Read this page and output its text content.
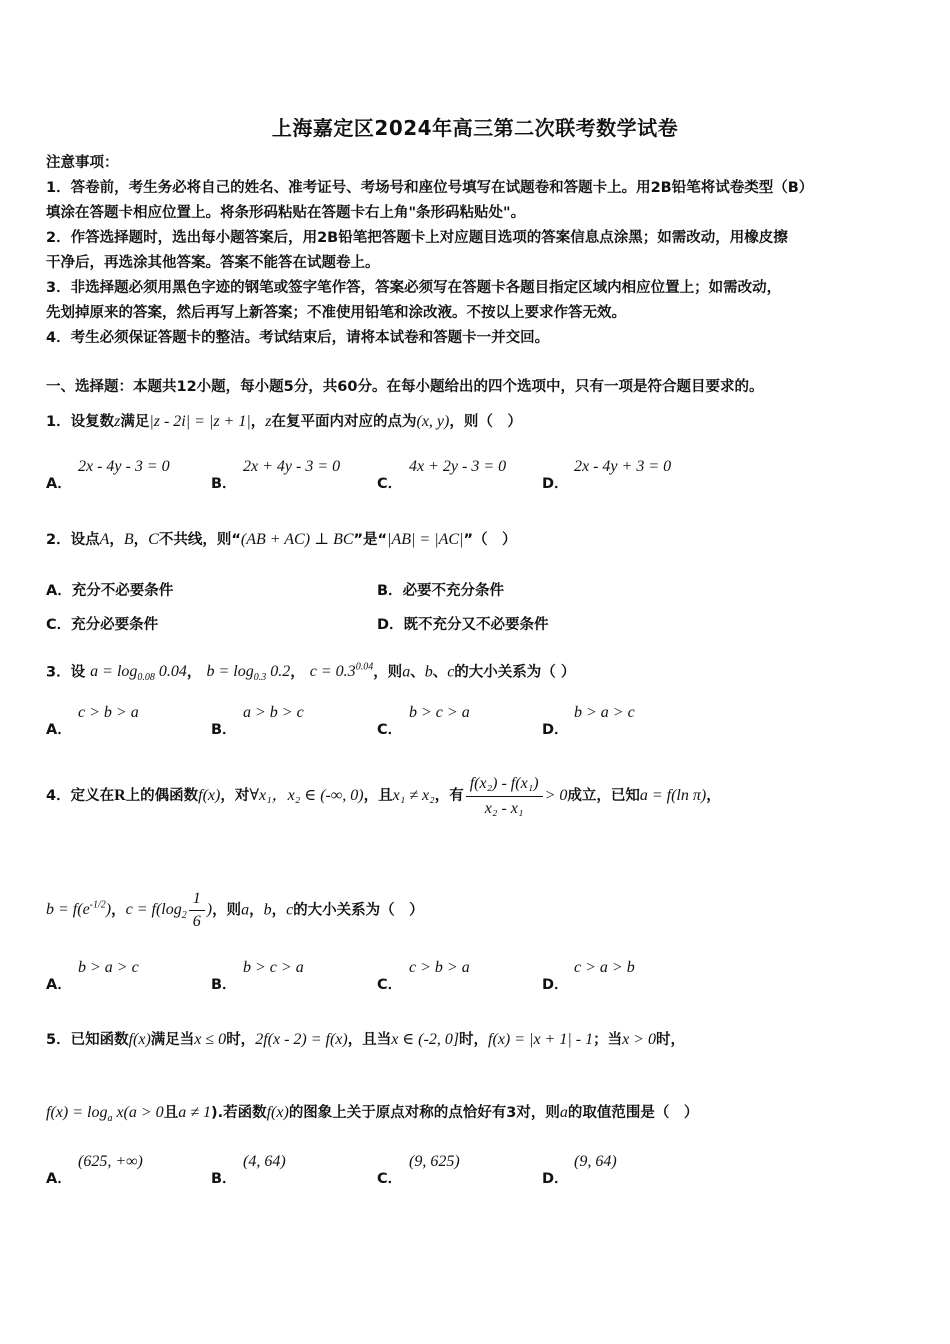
上海嘉定区2024年高三第二次联考数学试卷
注意事项：
1．答卷前，考生务必将自己的姓名、准考证号、考场号和座位号填写在试题卷和答题卡上。用2B铅笔将试卷类型（B）
填涂在答题卡相应位置上。将条形码粘贴在答题卡右上角"条形码粘贴处"。
2．作答选择题时，选出每小题答案后，用2B铅笔把答题卡上对应题目选项的答案信息点涂黑；如需改动，用橡皮擦
干净后，再选涂其他答案。答案不能答在试题卷上。
3．非选择题必须用黑色字迹的钢笔或签字笔作答，答案必须写在答题卡各题目指定区域内相应位置上；如需改动，
先划掉原来的答案，然后再写上新答案；不准使用铅笔和涂改液。不按以上要求作答无效。
4．考生必须保证答题卡的整洁。考试结束后，请将本试卷和答题卡一并交回。
一、选择题：本题共12小题，每小题5分，共60分。在每小题给出的四个选项中，只有一项是符合题目要求的。
1．设复数z满足|z - 2i| = |z + 1|，z在复平面内对应的点为(x, y)，则（　）
A．
2x - 4y - 3 = 0
B．
2x + 4y - 3 = 0
C．
4x + 2y - 3 = 0
D．
2x - 4y + 3 = 0
2．设点A，B，C不共线，则“(AB + AC) ⊥ BC”是“|AB| = |AC|”（　）
A．充分不必要条件	B．必要不充分条件
C．充分必要条件	D．既不充分又不必要条件
3．设 $a = \log_{0.08} 0.04$， $b = \log_{0.3} 0.2$， $c = 0.3^{0.04}$，则a、b、c的大小关系为（ ）
A．
c > b > a
B．
a > b > c
C．
b > c > a
D．
b > a > c
4．定义在R上的偶函数f(x)，对∀x₁，x₂ ∈ (-∞, 0)，且x₁ ≠ x₂，有 $\frac{\text{f(x₂) - f(x₁)}}{\text{x₂ - x₁}} > 0$成立，已知a = f(ln π)，
$b = f(e^{-1/2})$，$c = f(\log_2 \frac{1}{6}$ )，则a，b，c的大小关系为（　）
A．
b > a > c
B．
b > c > a
C．
c > b > a
D．
c > a > b
5．已知函数f(x)满足当x ≤ 0时，2f(x - 2) = f(x)，且当x ∈ (-2, 0]时，f(x) = |x + 1| - 1；当x > 0时，
$f(x) = \log_a x(a > 0$且a ≠ 1).若函数f(x)的图象上关于原点对称的点恰好有3对，则a的取值范围是（　）
A．
(625, +∞)
B．
(4, 64)
C．
(9, 625)
D．
(9, 64)
